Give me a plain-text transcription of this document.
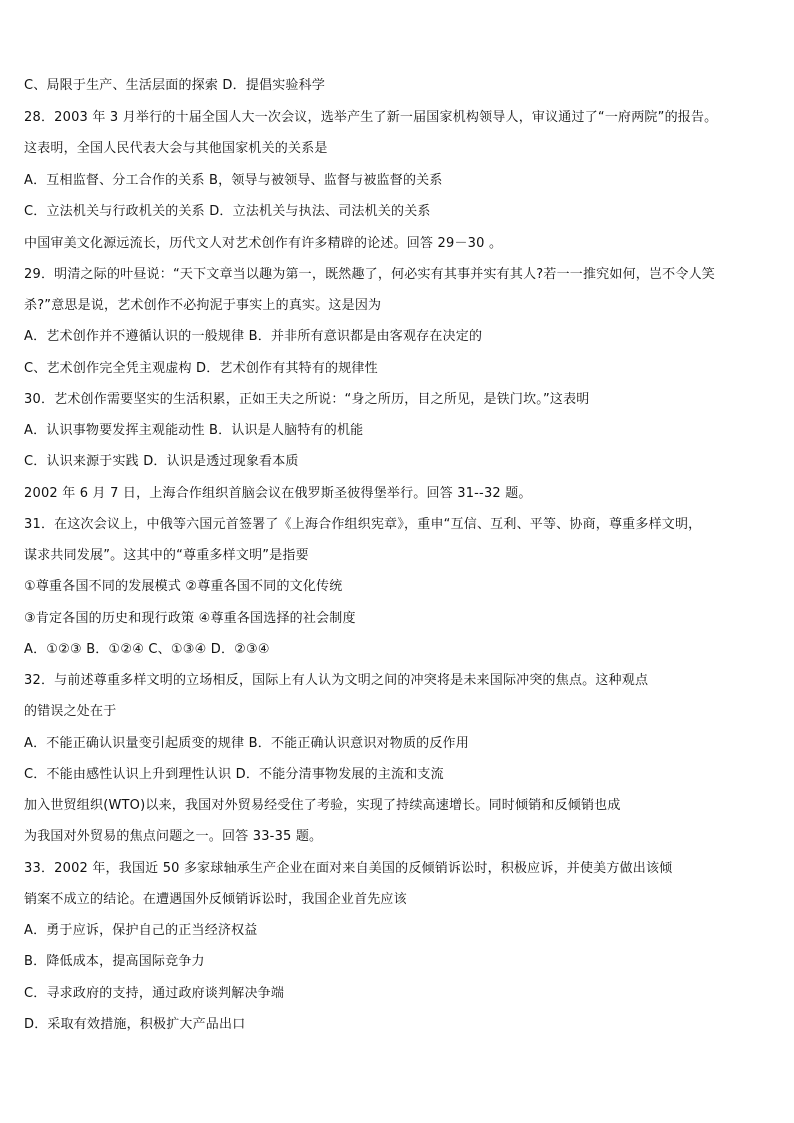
C、局限于生产、生活层面的探索 D．提倡实验科学
28．2003 年 3 月举行的十届全国人大一次会议，选举产生了新一届国家机构领导人，审议通过了“一府两院”的报告。
这表明，全国人民代表大会与其他国家机关的关系是
A．互相监督、分工合作的关系 B，领导与被领导、监督与被监督的关系
C．立法机关与行政机关的关系 D．立法机关与执法、司法机关的关系
中国审美文化源远流长，历代文人对艺术创作有许多精辟的论述。回答 29－30 。
29．明清之际的叶昼说：“天下文章当以趣为第一，既然趣了，何必实有其事并实有其人?若一一推究如何，岂不令人笑
杀?”意思是说，艺术创作不必拘泥于事实上的真实。这是因为
A．艺术创作并不遵循认识的一般规律 B．并非所有意识都是由客观存在决定的
C、艺术创作完全凭主观虚构 D．艺术创作有其特有的规律性
30．艺术创作需要坚实的生活积累，正如王夫之所说：“身之所历，目之所见，是铁门坎。”这表明
A．认识事物要发挥主观能动性 B．认识是人脑特有的机能
C．认识来源于实践 D．认识是透过现象看本质
2002 年 6 月 7 日，上海合作组织首脑会议在俄罗斯圣彼得堡举行。回答 31--32 题。
31．在这次会议上，中俄等六国元首签署了《上海合作组织宪章》，重申“互信、互利、平等、协商，尊重多样文明，
谋求共同发展”。这其中的“尊重多样文明”是指要
①尊重各国不同的发展模式 ②尊重各国不同的文化传统
③肯定各国的历史和现行政策 ④尊重各国选择的社会制度
A．①②③ B．①②④ C、①③④ D．②③④
32．与前述尊重多样文明的立场相反，国际上有人认为文明之间的冲突将是未来国际冲突的焦点。这种观点
的错误之处在于
A．不能正确认识量变引起质变的规律 B．不能正确认识意识对物质的反作用
C．不能由感性认识上升到理性认识 D．不能分清事物发展的主流和支流
加入世贸组织(WTO)以来，我国对外贸易经受住了考验，实现了持续高速增长。同时倾销和反倾销也成
为我国对外贸易的焦点问题之一。回答 33-35 题。
33．2002 年，我国近 50 多家球轴承生产企业在面对来自美国的反倾销诉讼时，积极应诉，并使美方做出该倾
销案不成立的结论。在遭遇国外反倾销诉讼时，我国企业首先应该
A．勇于应诉，保护自己的正当经济权益
B．降低成本，提高国际竞争力
C．寻求政府的支持，通过政府谈判解决争端
D．采取有效措施，积极扩大产品出口
